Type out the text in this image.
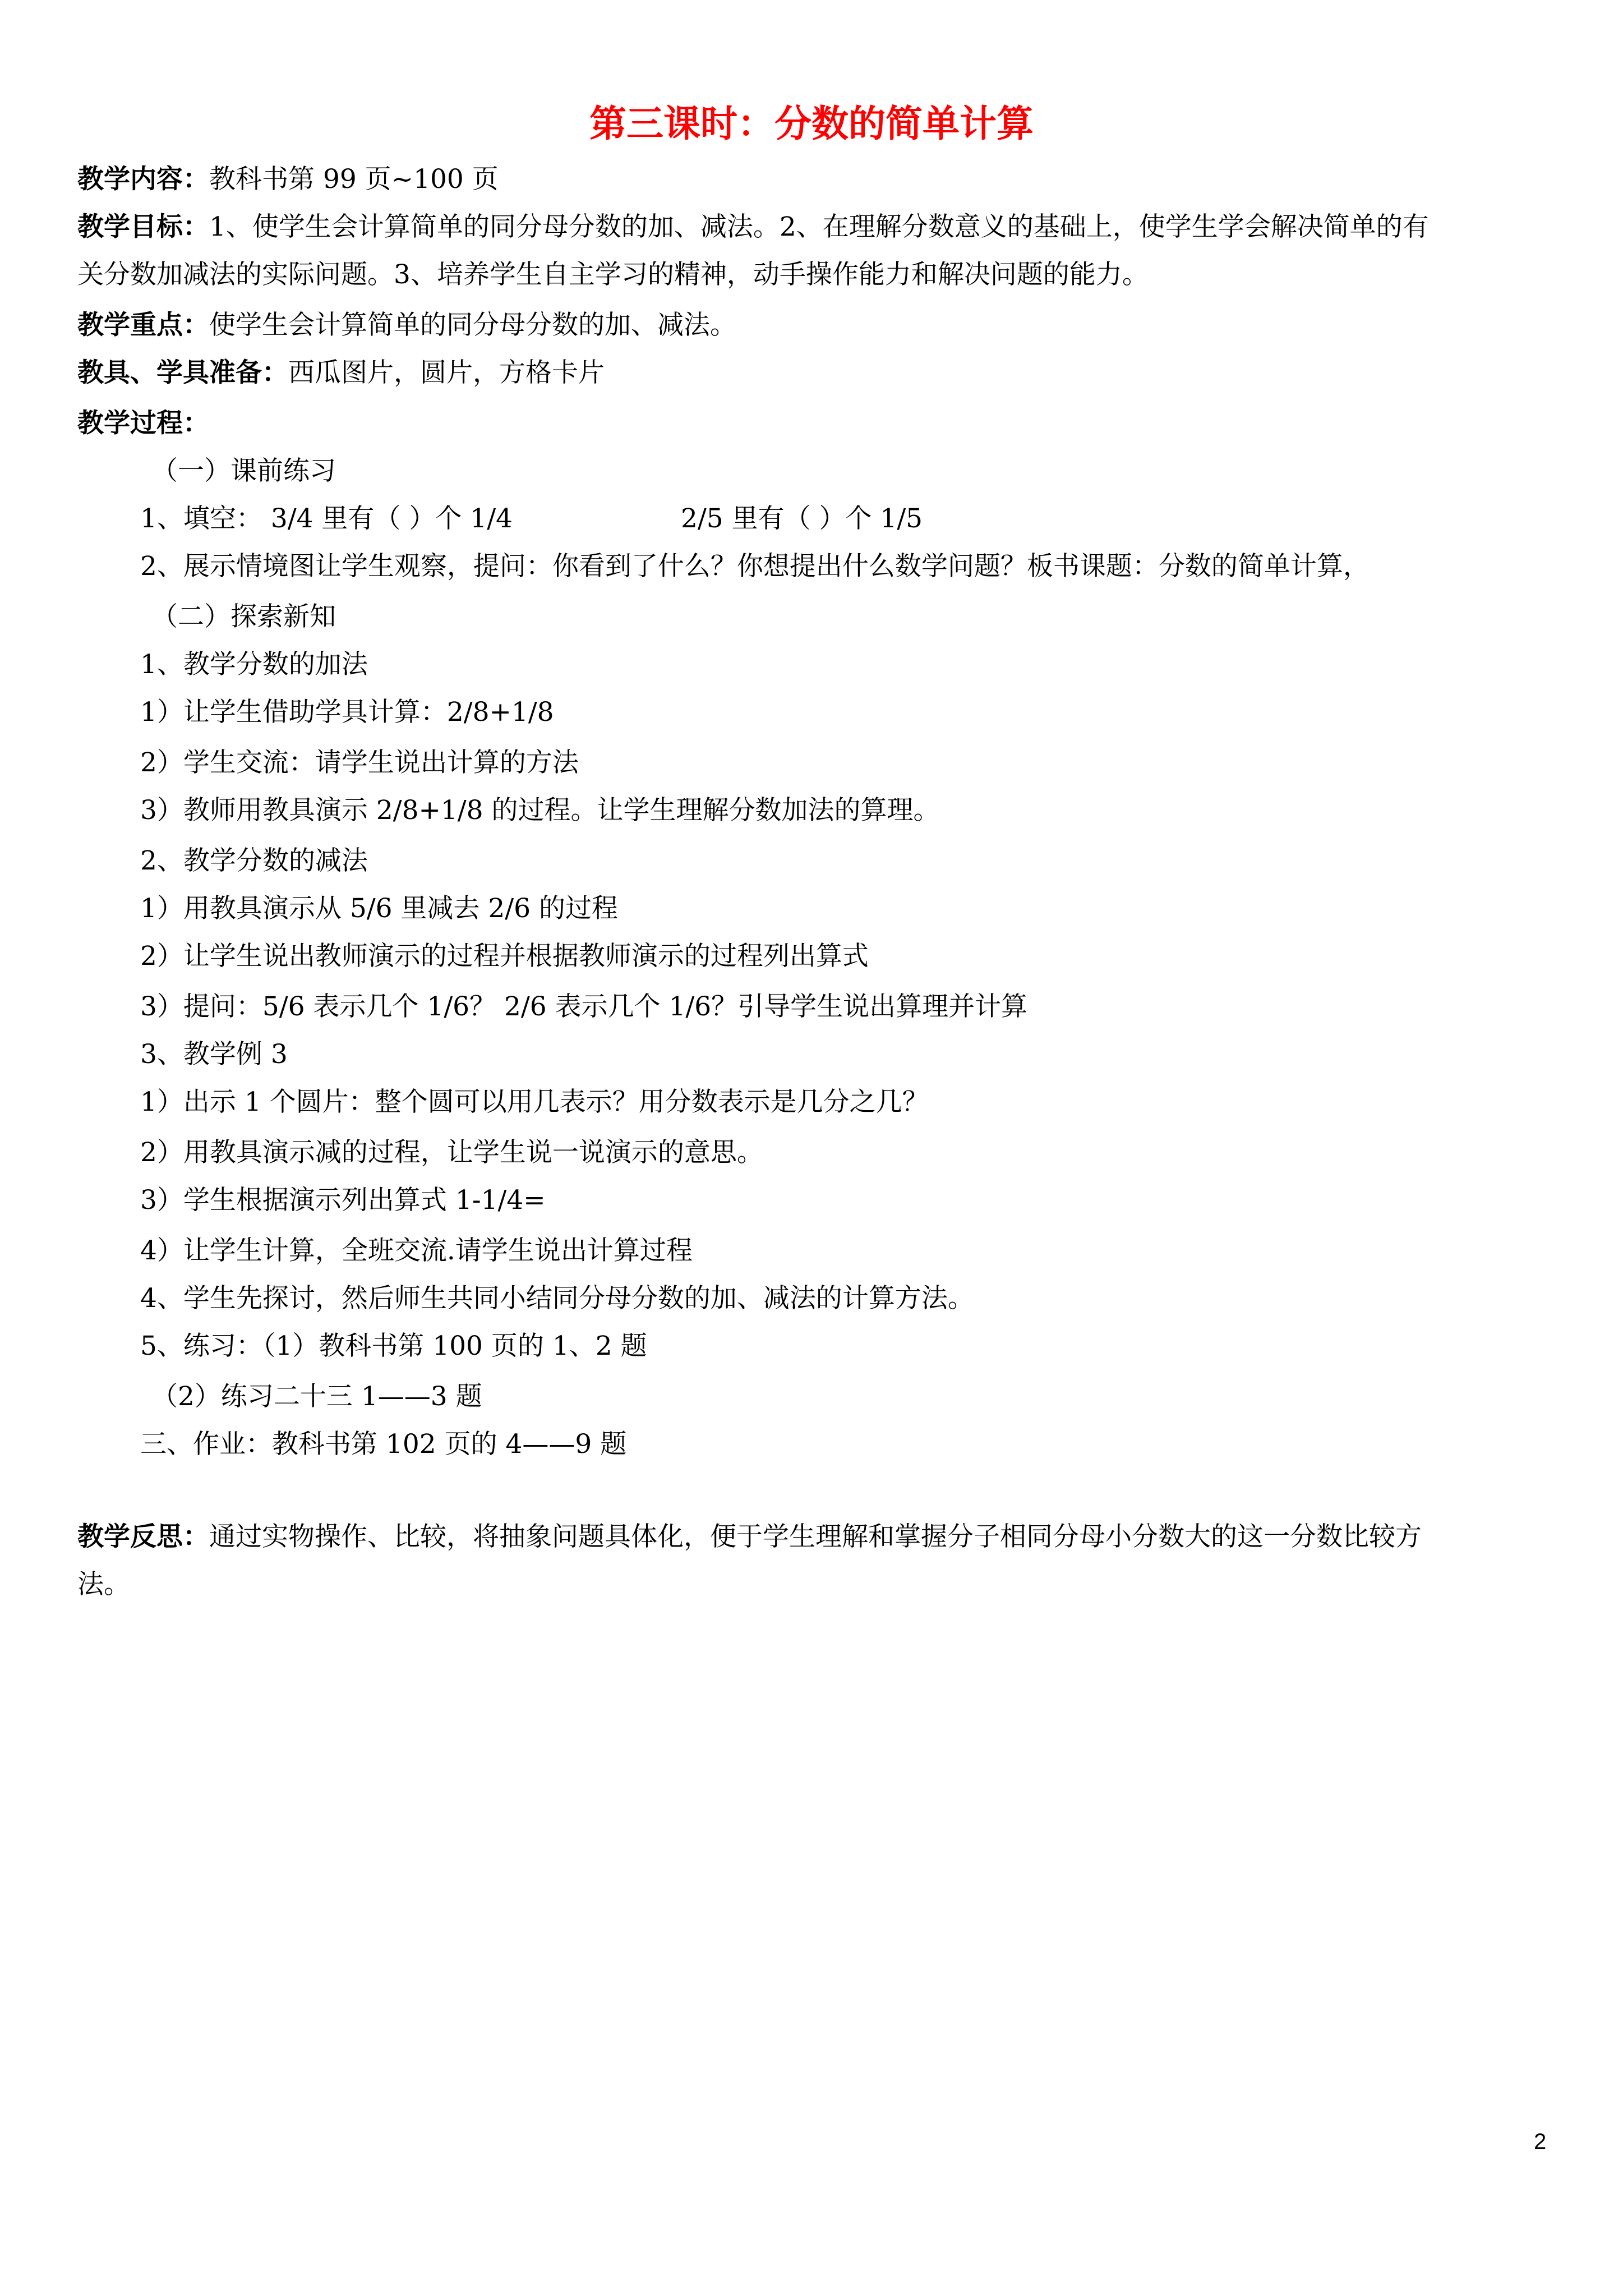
第三课时：分数的简单计算
教学内容：教科书第 99 页~100 页
教学目标：1、使学生会计算简单的同分母分数的加、减法。2、在理解分数意义的基础上，使学生学会解决简单的有
关分数加减法的实际问题。3、培养学生自主学习的精神，动手操作能力和解决问题的能力。
教学重点：使学生会计算简单的同分母分数的加、减法。
教具、学具准备：西瓜图片，圆片，方格卡片
教学过程：
（一）课前练习
1、填空： 3/4 里有（ ）个 1/4	2/5 里有（ ）个 1/5
2、展示情境图让学生观察，提问：你看到了什么？你想提出什么数学问题？板书课题：分数的简单计算，
（二）探索新知
1、教学分数的加法
1）让学生借助学具计算：2/8+1/8
2）学生交流：请学生说出计算的方法
3）教师用教具演示 2/8+1/8 的过程。让学生理解分数加法的算理。
2、教学分数的减法
1）用教具演示从 5/6 里减去 2/6 的过程
2）让学生说出教师演示的过程并根据教师演示的过程列出算式
3）提问：5/6 表示几个 1/6？ 2/6 表示几个 1/6？引导学生说出算理并计算
3、教学例 3
1）出示 1 个圆片：整个圆可以用几表示？用分数表示是几分之几？
2）用教具演示减的过程，让学生说一说演示的意思。
3）学生根据演示列出算式 1-1/4=
4）让学生计算，全班交流.请学生说出计算过程
4、学生先探讨，然后师生共同小结同分母分数的加、减法的计算方法。
5、练习：（1）教科书第 100 页的 1、2 题
（2）练习二十三 1——3 题
三、作业：教科书第 102 页的 4——9 题
教学反思：通过实物操作、比较，将抽象问题具体化，便于学生理解和掌握分子相同分母小分数大的这一分数比较方
法。
2
